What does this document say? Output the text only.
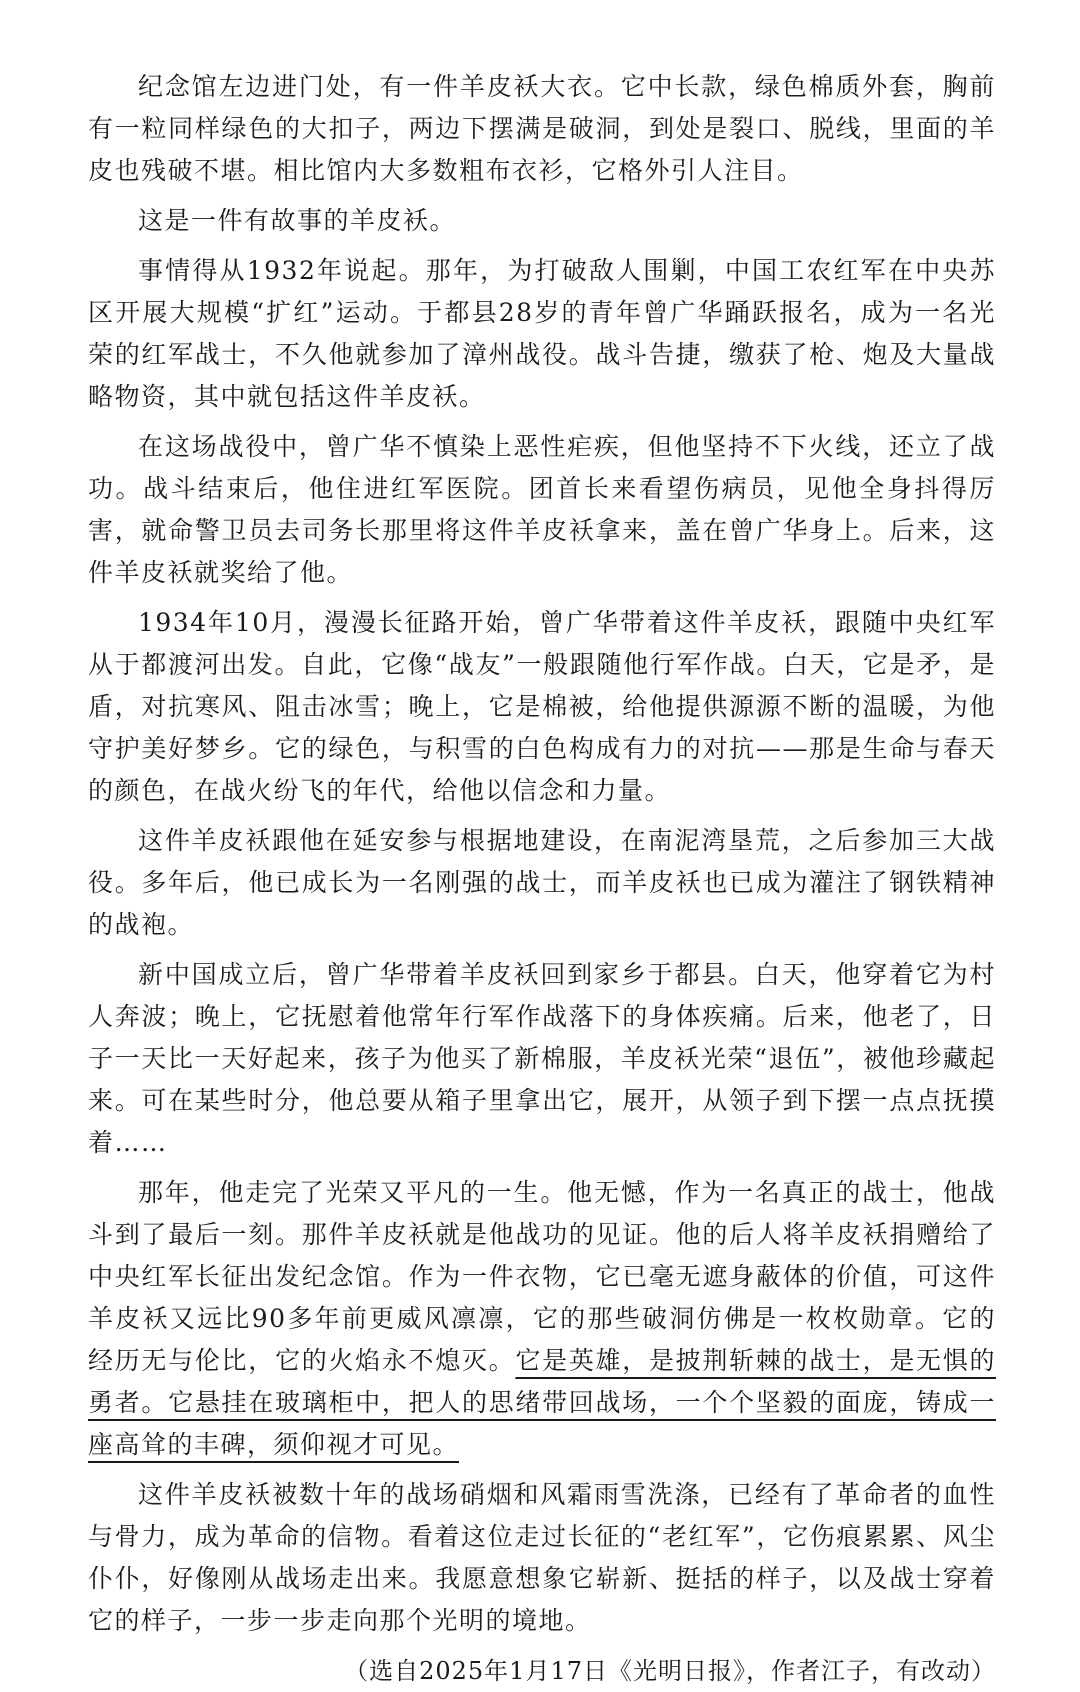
纪念馆左边进门处，有一件羊皮袄大衣。它中长款，绿色棉质外套，胸前有一粒同样绿色的大扣子，两边下摆满是破洞，到处是裂口、脱线，里面的羊皮也残破不堪。相比馆内大多数粗布衣衫，它格外引人注目。

这是一件有故事的羊皮袄。

事情得从1932年说起。那年，为打破敌人围剿，中国工农红军在中央苏区开展大规模“扩红”运动。于都县28岁的青年曾广华踊跃报名，成为一名光荣的红军战士，不久他就参加了漳州战役。战斗告捷，缴获了枪、炮及大量战略物资，其中就包括这件羊皮袄。

在这场战役中，曾广华不慎染上恶性疟疾，但他坚持不下火线，还立了战功。战斗结束后，他住进红军医院。团首长来看望伤病员，见他全身抖得厉害，就命警卫员去司务长那里将这件羊皮袄拿来，盖在曾广华身上。后来，这件羊皮袄就奖给了他。

1934年10月，漫漫长征路开始，曾广华带着这件羊皮袄，跟随中央红军从于都渡河出发。自此，它像“战友”一般跟随他行军作战。白天，它是矛，是盾，对抗寒风、阻击冰雪；晚上，它是棉被，给他提供源源不断的温暖，为他守护美好梦乡。它的绿色，与积雪的白色构成有力的对抗——那是生命与春天的颜色，在战火纷飞的年代，给他以信念和力量。

这件羊皮袄跟他在延安参与根据地建设，在南泥湾垦荒，之后参加三大战役。多年后，他已成长为一名刚强的战士，而羊皮袄也已成为灌注了钢铁精神的战袍。

新中国成立后，曾广华带着羊皮袄回到家乡于都县。白天，他穿着它为村人奔波；晚上，它抚慰着他常年行军作战落下的身体疾痛。后来，他老了，日子一天比一天好起来，孩子为他买了新棉服，羊皮袄光荣“退伍”，被他珍藏起来。可在某些时分，他总要从箱子里拿出它，展开，从领子到下摆一点点抚摸着……

那年，他走完了光荣又平凡的一生。他无憾，作为一名真正的战士，他战斗到了最后一刻。那件羊皮袄就是他战功的见证。他的后人将羊皮袄捐赠给了中央红军长征出发纪念馆。作为一件衣物，它已毫无遮身蔽体的价值，可这件羊皮袄又远比90多年前更威风凛凛，它的那些破洞仿佛是一枚枚勋章。它的经历无与伦比，它的火焰永不熄灭。它是英雄，是披荆斩棘的战士，是无惧的勇者。它悬挂在玻璃柜中，把人的思绪带回战场，一个个坚毅的面庞，铸成一座高耸的丰碑，须仰视才可见。

这件羊皮袄被数十年的战场硝烟和风霜雨雪洗涤，已经有了革命者的血性与骨力，成为革命的信物。看着这位走过长征的“老红军”，它伤痕累累、风尘仆仆，好像刚从战场走出来。我愿意想象它崭新、挺括的样子，以及战士穿着它的样子，一步一步走向那个光明的境地。

（选自2025年1月17日《光明日报》，作者江子，有改动）
